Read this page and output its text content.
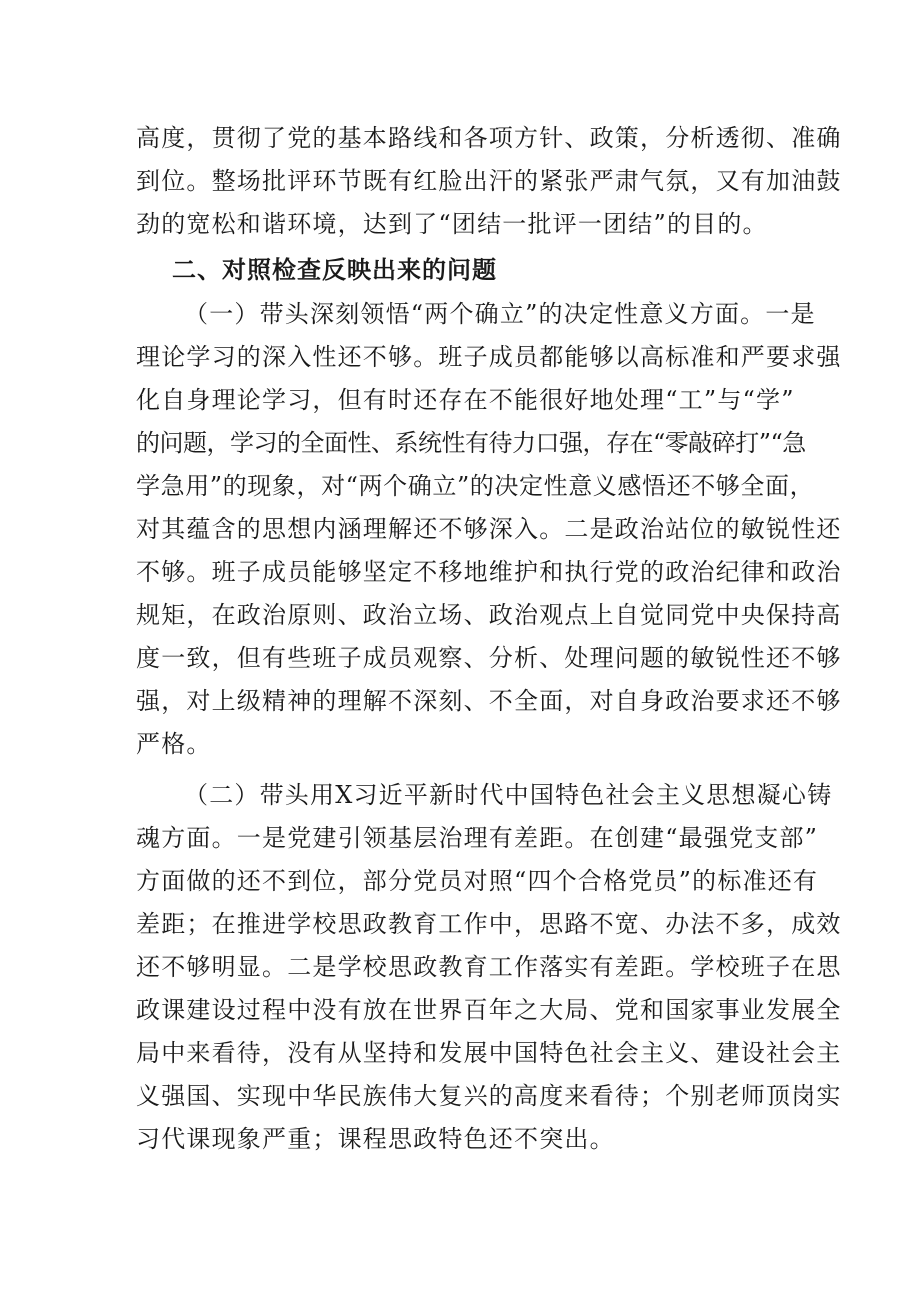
高度，贯彻了党的基本路线和各项方针、政策，分析透彻、准确
到位。整场批评环节既有红脸出汗的紧张严肃气氛，又有加油鼓
劲的宽松和谐环境，达到了“团结一批评一团结”的目的。
二、对照检查反映出来的问题
（一）带头深刻领悟“两个确立”的决定性意义方面。一是
理论学习的深入性还不够。班子成员都能够以高标准和严要求强
化自身理论学习，但有时还存在不能很好地处理“工”与“学”
的问题，学习的全面性、系统性有待力口强，存在“零敲碎打”“急
学急用”的现象，对“两个确立”的决定性意义感悟还不够全面，
对其蕴含的思想内涵理解还不够深入。二是政治站位的敏锐性还
不够。班子成员能够坚定不移地维护和执行党的政治纪律和政治
规矩，在政治原则、政治立场、政治观点上自觉同党中央保持高
度一致，但有些班子成员观察、分析、处理问题的敏锐性还不够
强，对上级精神的理解不深刻、不全面，对自身政治要求还不够
严格。
（二）带头用X习近平新时代中国特色社会主义思想凝心铸
魂方面。一是党建引领基层治理有差距。在创建“最强党支部”
方面做的还不到位，部分党员对照“四个合格党员”的标准还有
差距；在推进学校思政教育工作中，思路不宽、办法不多，成效
还不够明显。二是学校思政教育工作落实有差距。学校班子在思
政课建设过程中没有放在世界百年之大局、党和国家事业发展全
局中来看待，没有从坚持和发展中国特色社会主义、建设社会主
义强国、实现中华民族伟大复兴的高度来看待；个别老师顶岗实
习代课现象严重；课程思政特色还不突出。
